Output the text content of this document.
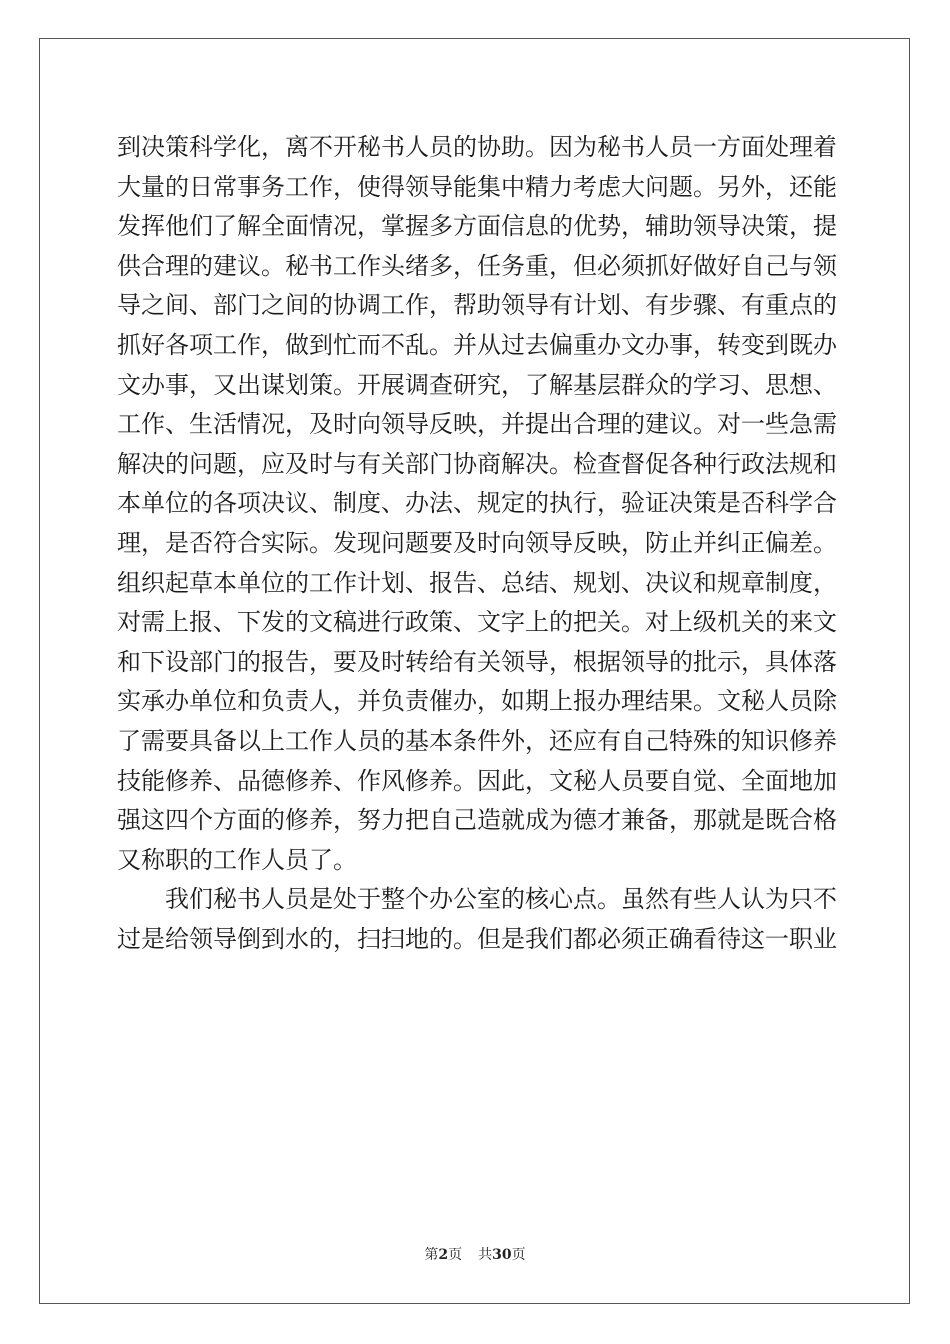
到决策科学化，离不开秘书人员的协助。因为秘书人员一方面处理着
大量的日常事务工作，使得领导能集中精力考虑大问题。另外，还能
发挥他们了解全面情况，掌握多方面信息的优势，辅助领导决策，提
供合理的建议。秘书工作头绪多，任务重，但必须抓好做好自己与领
导之间、部门之间的协调工作，帮助领导有计划、有步骤、有重点的
抓好各项工作，做到忙而不乱。并从过去偏重办文办事，转变到既办
文办事，又出谋划策。开展调查研究，了解基层群众的学习、思想、
工作、生活情况，及时向领导反映，并提出合理的建议。对一些急需
解决的问题，应及时与有关部门协商解决。检查督促各种行政法规和
本单位的各项决议、制度、办法、规定的执行，验证决策是否科学合
理，是否符合实际。发现问题要及时向领导反映，防止并纠正偏差。
组织起草本单位的工作计划、报告、总结、规划、决议和规章制度，
对需上报、下发的文稿进行政策、文字上的把关。对上级机关的来文
和下设部门的报告，要及时转给有关领导，根据领导的批示，具体落
实承办单位和负责人，并负责催办，如期上报办理结果。文秘人员除
了需要具备以上工作人员的基本条件外，还应有自己特殊的知识修养
技能修养、品德修养、作风修养。因此，文秘人员要自觉、全面地加
强这四个方面的修养，努力把自己造就成为德才兼备，那就是既合格
又称职的工作人员了。
我们秘书人员是处于整个办公室的核心点。虽然有些人认为只不
过是给领导倒到水的，扫扫地的。但是我们都必须正确看待这一职业
第2页 共30页
